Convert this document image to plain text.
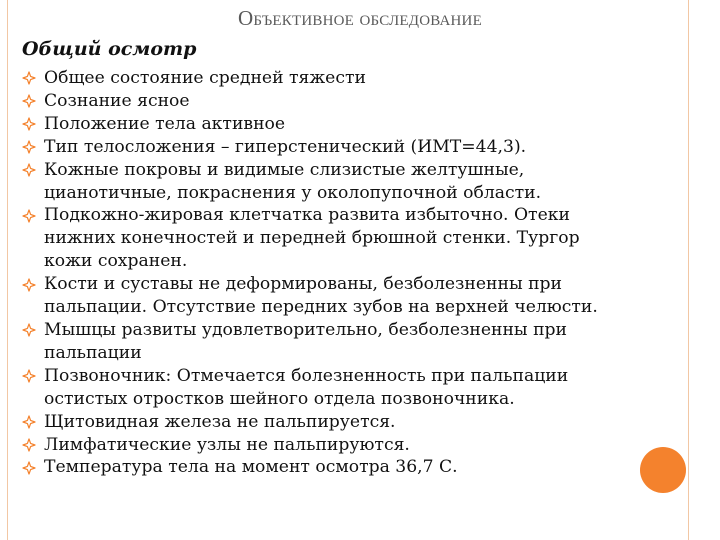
Объективное обследование
Общий осмотр
Общее состояние средней тяжести
Сознание ясное
Положение тела активное
Тип телосложения – гиперстенический (ИМТ=44,3).
Кожные покровы и видимые слизистые желтушные,
цианотичные, покраснения у околопупочной области.
Подкожно-жировая клетчатка развита избыточно. Отеки
нижних конечностей и передней брюшной стенки. Тургор
кожи сохранен.
Кости и суставы не деформированы, безболезненны при
пальпации. Отсутствие передних зубов на верхней челюсти.
Мышцы развиты удовлетворительно, безболезненны при
пальпации
Позвоночник: Отмечается болезненность при пальпации
остистых отростков шейного отдела позвоночника.
Щитовидная железа не пальпируется.
Лимфатические узлы не пальпируются.
Температура тела на момент осмотра 36,7 С.
